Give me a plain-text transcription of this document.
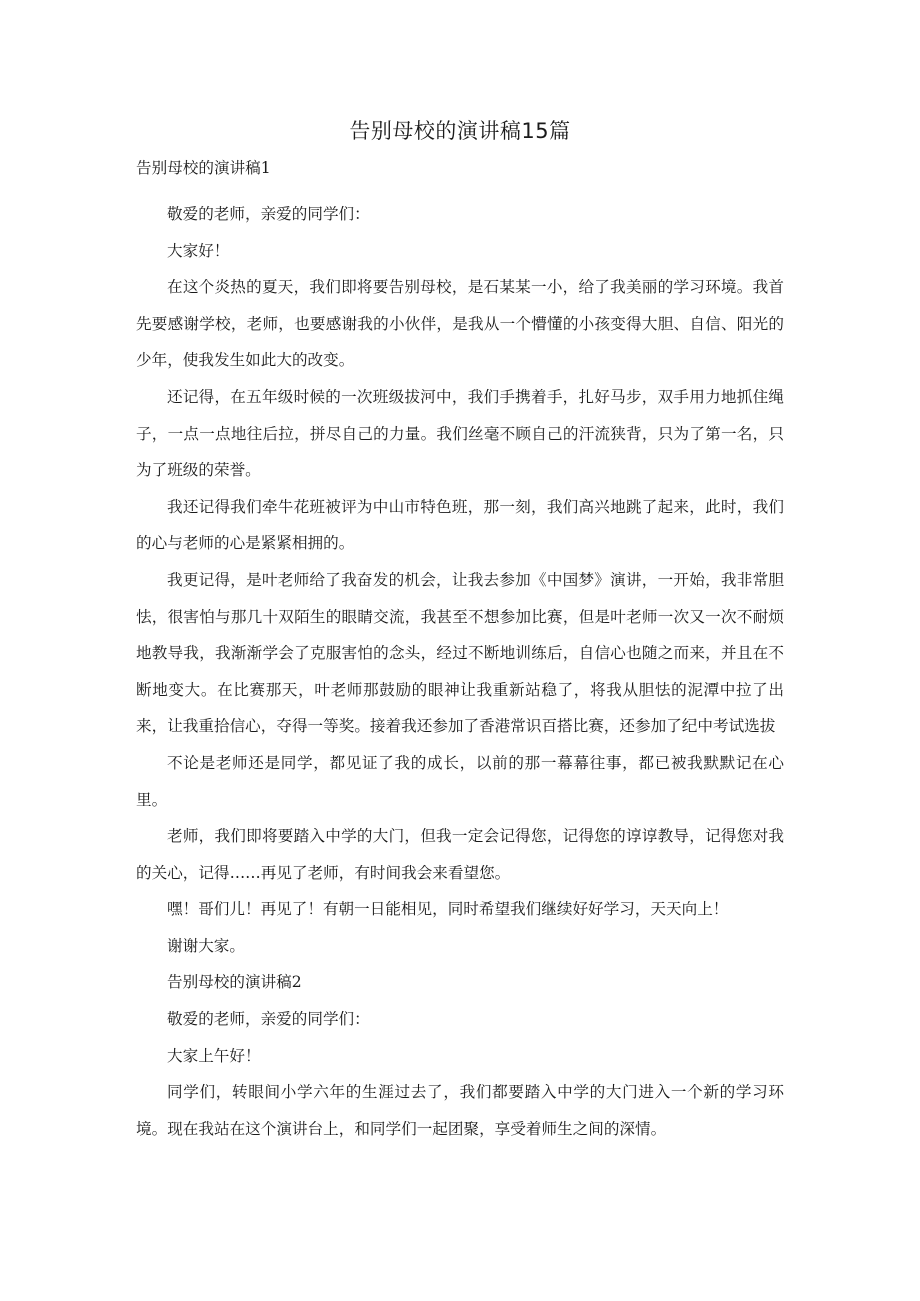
告别母校的演讲稿15篇
告别母校的演讲稿1

敬爱的老师，亲爱的同学们：

大家好！

在这个炎热的夏天，我们即将要告别母校，是石某某一小，给了我美丽的学习环境。我首先要感谢学校，老师，也要感谢我的小伙伴，是我从一个懵懂的小孩变得大胆、自信、阳光的少年，使我发生如此大的改变。

还记得，在五年级时候的一次班级拔河中，我们手携着手，扎好马步，双手用力地抓住绳子，一点一点地往后拉，拼尽自己的力量。我们丝毫不顾自己的汗流狭背，只为了第一名，只为了班级的荣誉。

我还记得我们牵牛花班被评为中山市特色班，那一刻，我们高兴地跳了起来，此时，我们的心与老师的心是紧紧相拥的。

我更记得，是叶老师给了我奋发的机会，让我去参加《中国梦》演讲，一开始，我非常胆怯，很害怕与那几十双陌生的眼睛交流，我甚至不想参加比赛，但是叶老师一次又一次不耐烦地教导我，我渐渐学会了克服害怕的念头，经过不断地训练后，自信心也随之而来，并且在不断地变大。在比赛那天，叶老师那鼓励的眼神让我重新站稳了，将我从胆怯的泥潭中拉了出来，让我重拾信心，夺得一等奖。接着我还参加了香港常识百搭比赛，还参加了纪中考试选拔

不论是老师还是同学，都见证了我的成长，以前的那一幕幕往事，都已被我默默记在心里。

老师，我们即将要踏入中学的大门，但我一定会记得您，记得您的谆谆教导，记得您对我的关心，记得……再见了老师，有时间我会来看望您。

嘿！哥们儿！再见了！有朝一日能相见，同时希望我们继续好好学习，天天向上！

谢谢大家。

告别母校的演讲稿2

敬爱的老师，亲爱的同学们：

大家上午好！

同学们，转眼间小学六年的生涯过去了，我们都要踏入中学的大门进入一个新的学习环境。现在我站在这个演讲台上，和同学们一起团聚，享受着师生之间的深情。
